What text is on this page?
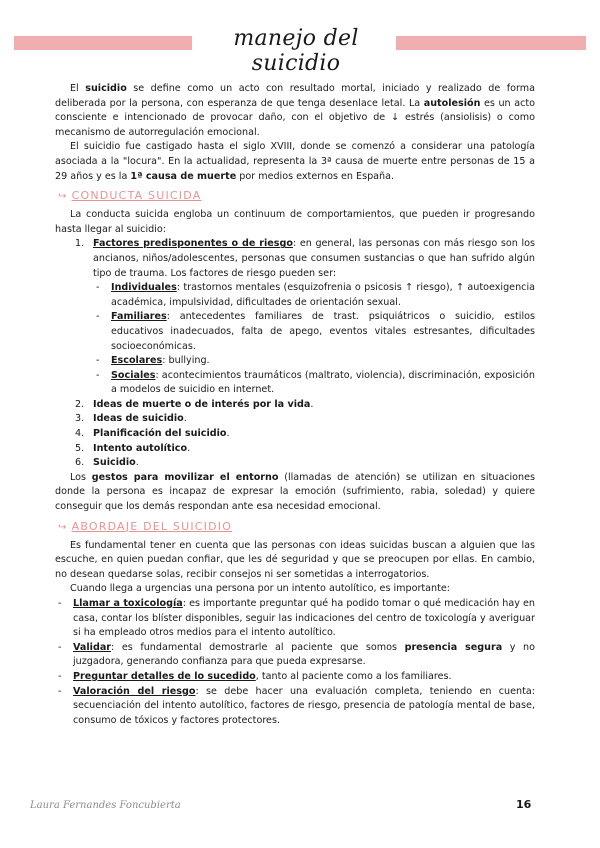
manejo del suicidio

El suicidio se define como un acto con resultado mortal, iniciado y realizado de forma deliberada por la persona, con esperanza de que tenga desenlace letal. La autolesión es un acto consciente e intencionado de provocar daño, con el objetivo de ↓ estrés (ansiolisis) o como mecanismo de autorregulación emocional.

El suicidio fue castigado hasta el siglo XVIII, donde se comenzó a considerar una patología asociada a la "locura". En la actualidad, representa la 3ª causa de muerte entre personas de 15 a 29 años y es la 1ª causa de muerte por medios externos en España.

↪ CONDUCTA SUICIDA

La conducta suicida engloba un continuum de comportamientos, que pueden ir progresando hasta llegar al suicidio:

1. Factores predisponentes o de riesgo: en general, las personas con más riesgo son los ancianos, niños/adolescentes, personas que consumen sustancias o que han sufrido algún tipo de trauma. Los factores de riesgo pueden ser:
- Individuales: trastornos mentales (esquizofrenia o psicosis ↑ riesgo), ↑ autoexigencia académica, impulsividad, dificultades de orientación sexual.
- Familiares: antecedentes familiares de trast. psiquiátricos o suicidio, estilos educativos inadecuados, falta de apego, eventos vitales estresantes, dificultades socioeconómicas.
- Escolares: bullying.
- Sociales: acontecimientos traumáticos (maltrato, violencia), discriminación, exposición a modelos de suicidio en internet.
2. Ideas de muerte o de interés por la vida.
3. Ideas de suicidio.
4. Planificación del suicidio.
5. Intento autolítico.
6. Suicidio.

Los gestos para movilizar el entorno (llamadas de atención) se utilizan en situaciones donde la persona es incapaz de expresar la emoción (sufrimiento, rabia, soledad) y quiere conseguir que los demás respondan ante esa necesidad emocional.

↪ ABORDAJE DEL SUICIDIO

Es fundamental tener en cuenta que las personas con ideas suicidas buscan a alguien que las escuche, en quien puedan confiar, que les dé seguridad y que se preocupen por ellas. En cambio, no desean quedarse solas, recibir consejos ni ser sometidas a interrogatorios.

Cuando llega a urgencias una persona por un intento autolítico, es importante:

- Llamar a toxicología: es importante preguntar qué ha podido tomar o qué medicación hay en casa, contar los blíster disponibles, seguir las indicaciones del centro de toxicología y averiguar si ha empleado otros medios para el intento autolítico.
- Validar: es fundamental demostrarle al paciente que somos presencia segura y no juzgadora, generando confianza para que pueda expresarse.
- Preguntar detalles de lo sucedido, tanto al paciente como a los familiares.
- Valoración del riesgo: se debe hacer una evaluación completa, teniendo en cuenta: secuenciación del intento autolítico, factores de riesgo, presencia de patología mental de base, consumo de tóxicos y factores protectores.
Laura Fernandes Foncubierta	16
